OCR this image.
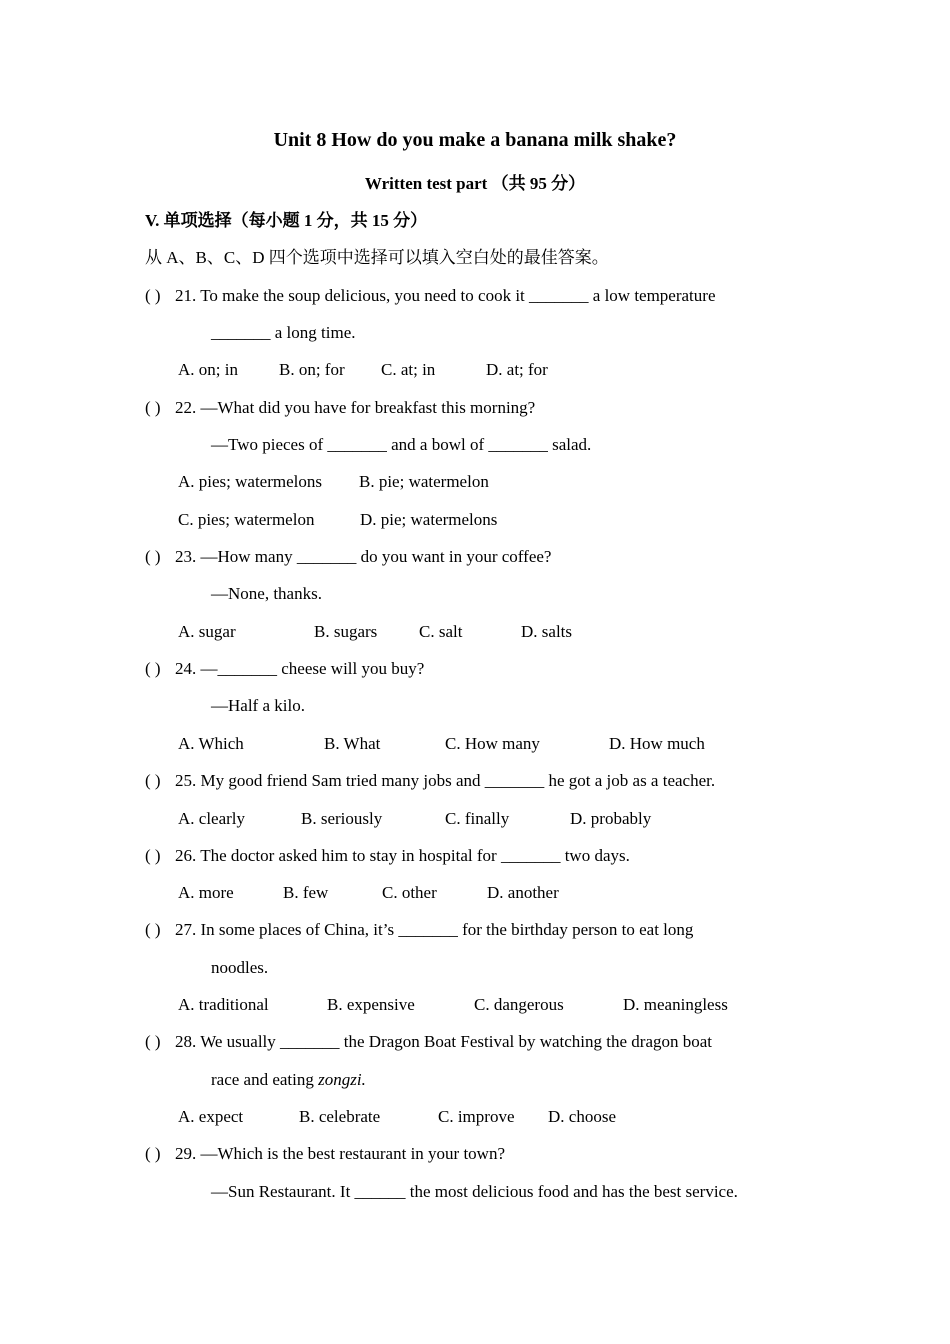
Unit 8 How do you make a banana milk shake?
Written test part （共 95 分）
V. 单项选择（每小题 1 分，共 15 分）
从 A、B、C、D 四个选项中选择可以填入空白处的最佳答案。
( ) 21. To make the soup delicious, you need to cook it _______ a low temperature
_______ a long time.
A. on; in B. on; for C. at; in	D. at; for
( ) 22. —What did you have for breakfast this morning?
—Two pieces of _______ and a bowl of _______ salad.
A. pies; watermelons B. pie; watermelon
C. pies; watermelon	D. pie; watermelons
( ) 23. —How many _______ do you want in your coffee?
—None, thanks.
A. sugar	B. sugars C. salt	D. salts
( ) 24. —_______ cheese will you buy?
—Half a kilo.
A. Which	B. What	C. How many	D. How much
( ) 25. My good friend Sam tried many jobs and _______ he got a job as a teacher.
A. clearly	B. seriously	C. finally	D. probably
( ) 26. The doctor asked him to stay in hospital for _______ two days.
A. more	B. few	C. other	D. another
( ) 27. In some places of China, it’s _______ for the birthday person to eat long
noodles.
A. traditional	B. expensive	C. dangerous	D. meaningless
( ) 28. We usually _______ the Dragon Boat Festival by watching the dragon boat
race and eating zongzi.
A. expect	B. celebrate	C. improve D. choose
( ) 29. —Which is the best restaurant in your town?
—Sun Restaurant. It ______ the most delicious food and has the best service.
